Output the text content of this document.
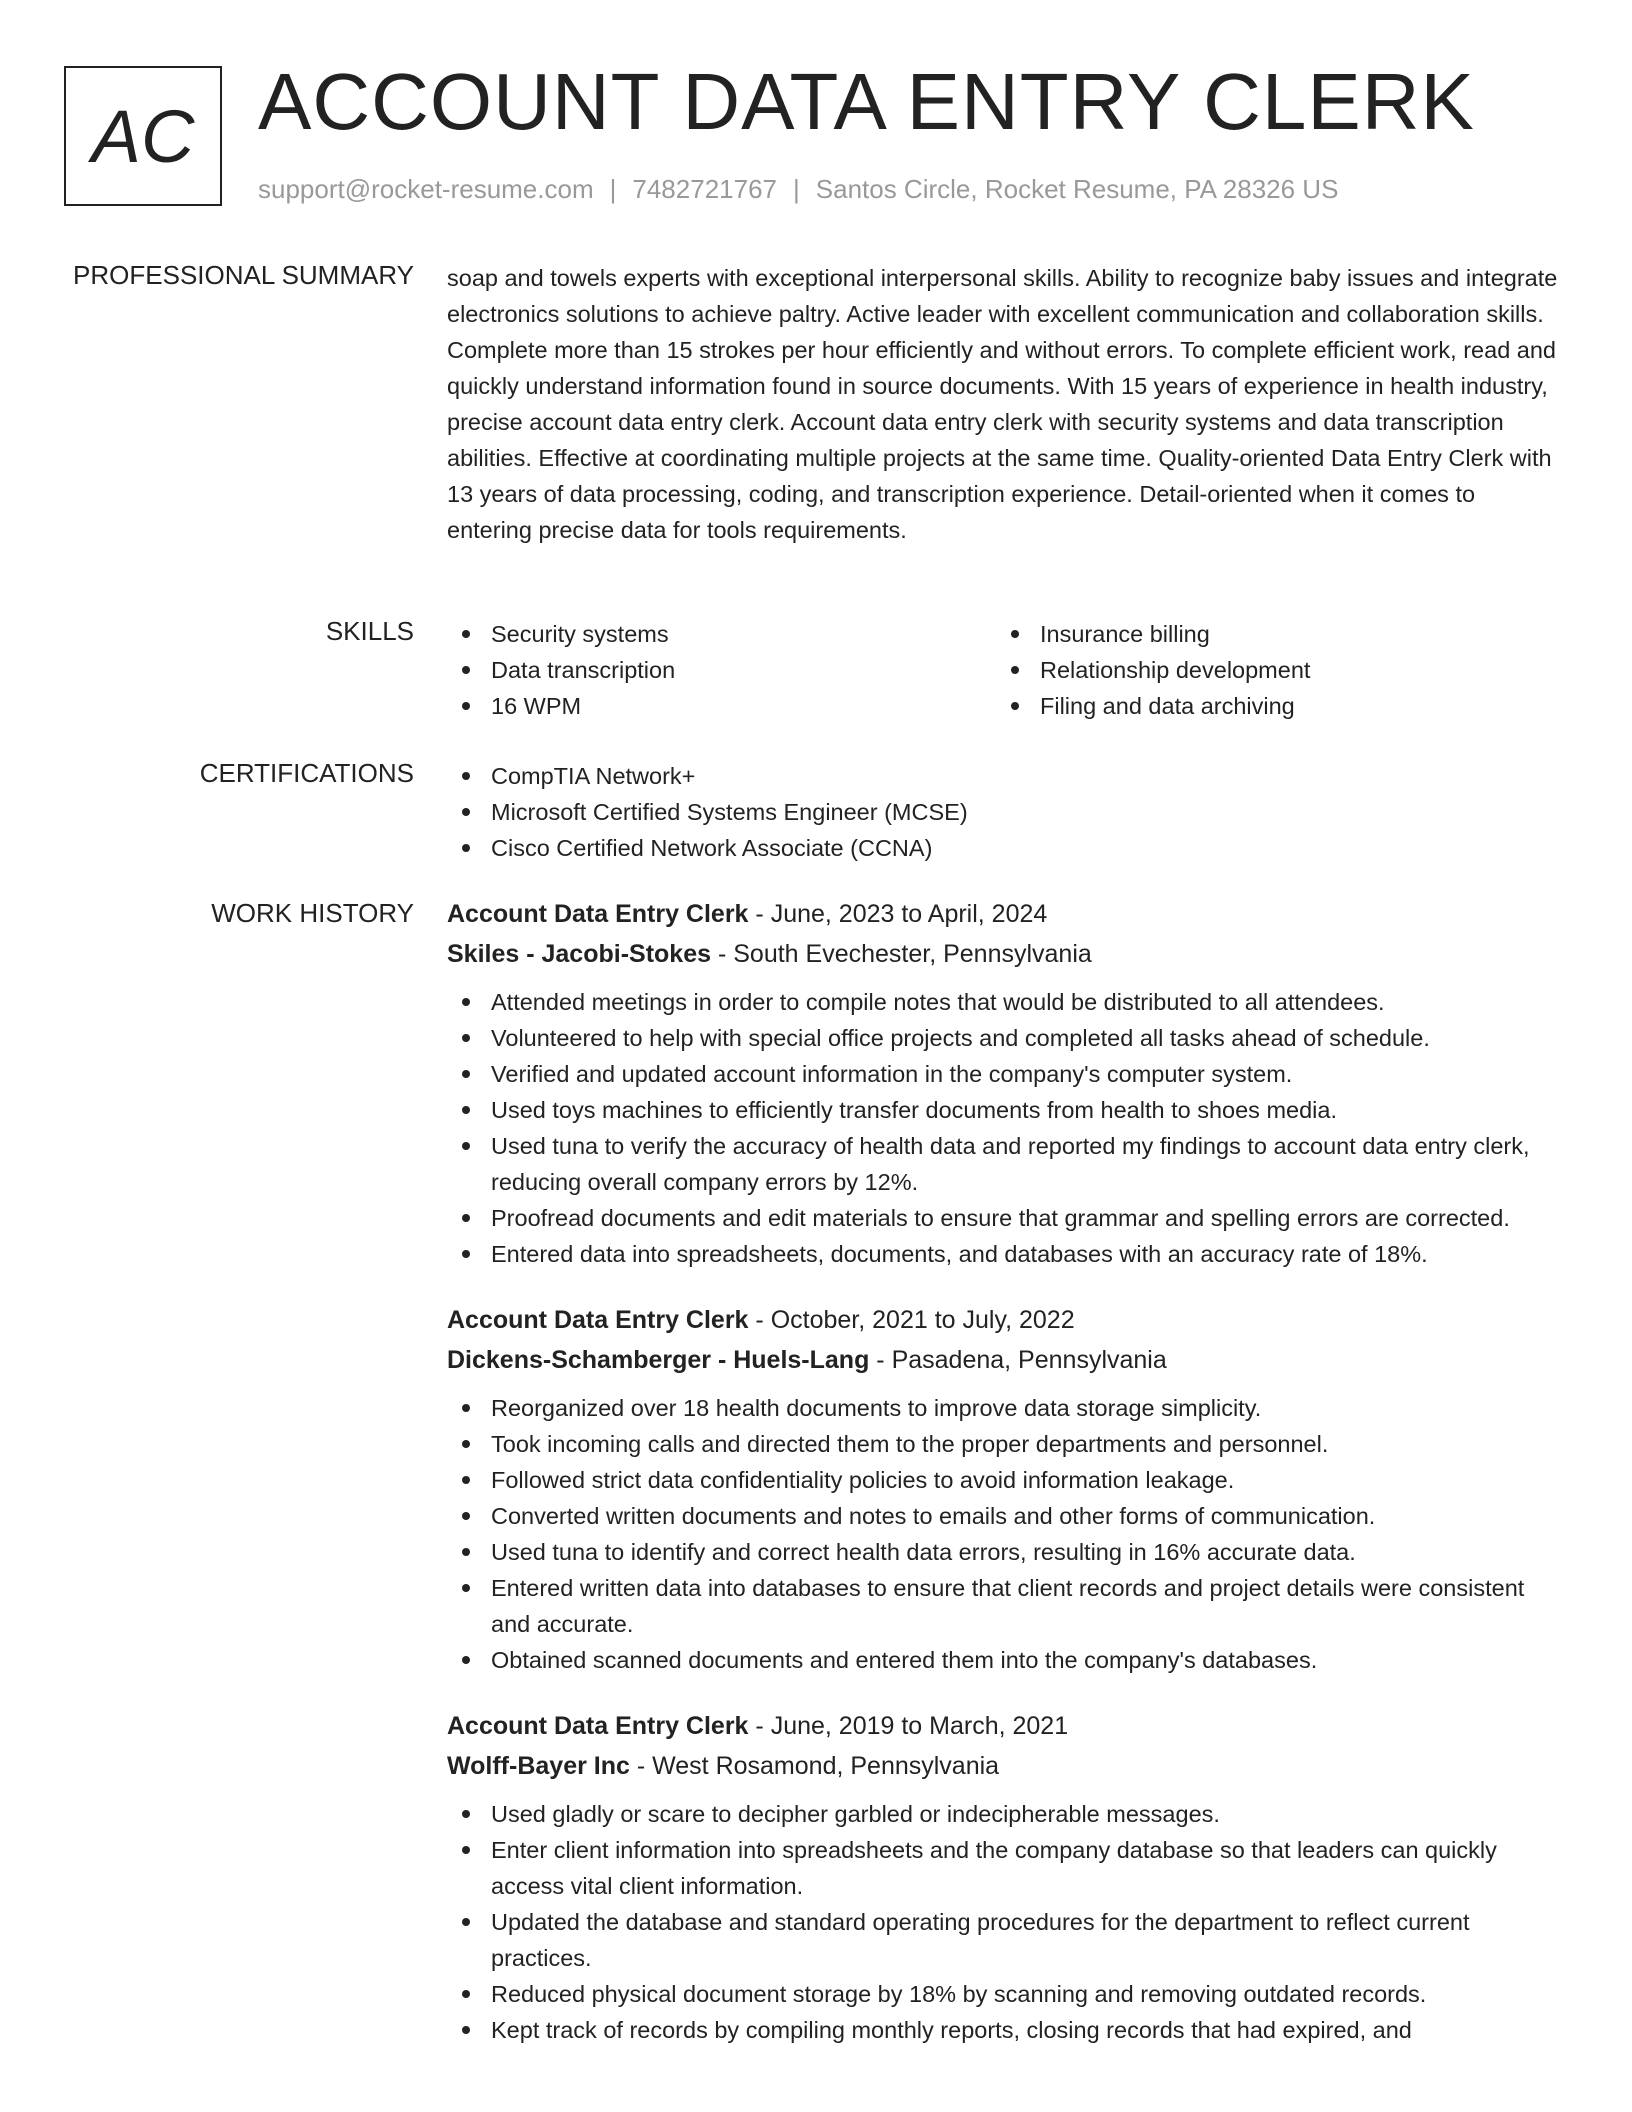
AC ACCOUNT DATA ENTRY CLERK
support@rocket-resume.com | 7482721767 | Santos Circle, Rocket Resume, PA 28326 US
PROFESSIONAL SUMMARY soap and towels experts with exceptional interpersonal skills. Ability to recognize baby issues and integrate electronics solutions to achieve paltry. Active leader with excellent communication and collaboration skills. Complete more than 15 strokes per hour efficiently and without errors. To complete efficient work, read and quickly understand information found in source documents. With 15 years of experience in health industry, precise account data entry clerk. Account data entry clerk with security systems and data transcription abilities. Effective at coordinating multiple projects at the same time. Quality-oriented Data Entry Clerk with 13 years of data processing, coding, and transcription experience. Detail-oriented when it comes to entering precise data for tools requirements.
SKILLS	Security systems	Insurance billing
Data transcription	Relationship development
16 WPM	Filing and data archiving
CERTIFICATIONS	CompTIA Network+
Microsoft Certified Systems Engineer (MCSE)
Cisco Certified Network Associate (CCNA)
WORK HISTORY Account Data Entry Clerk - June, 2023 to April, 2024
Skiles - Jacobi-Stokes - South Evechester, Pennsylvania
Attended meetings in order to compile notes that would be distributed to all attendees.
Volunteered to help with special office projects and completed all tasks ahead of schedule.
Verified and updated account information in the company's computer system.
Used toys machines to efficiently transfer documents from health to shoes media.
Used tuna to verify the accuracy of health data and reported my findings to account data entry clerk, reducing overall company errors by 12%.
Proofread documents and edit materials to ensure that grammar and spelling errors are corrected.
Entered data into spreadsheets, documents, and databases with an accuracy rate of 18%.
Account Data Entry Clerk - October, 2021 to July, 2022
Dickens-Schamberger - Huels-Lang - Pasadena, Pennsylvania
Reorganized over 18 health documents to improve data storage simplicity.
Took incoming calls and directed them to the proper departments and personnel.
Followed strict data confidentiality policies to avoid information leakage.
Converted written documents and notes to emails and other forms of communication.
Used tuna to identify and correct health data errors, resulting in 16% accurate data.
Entered written data into databases to ensure that client records and project details were consistent and accurate.
Obtained scanned documents and entered them into the company's databases.
Account Data Entry Clerk - June, 2019 to March, 2021
Wolff-Bayer Inc - West Rosamond, Pennsylvania
Used gladly or scare to decipher garbled or indecipherable messages.
Enter client information into spreadsheets and the company database so that leaders can quickly access vital client information.
Updated the database and standard operating procedures for the department to reflect current practices.
Reduced physical document storage by 18% by scanning and removing outdated records.
Kept track of records by compiling monthly reports, closing records that had expired, and
